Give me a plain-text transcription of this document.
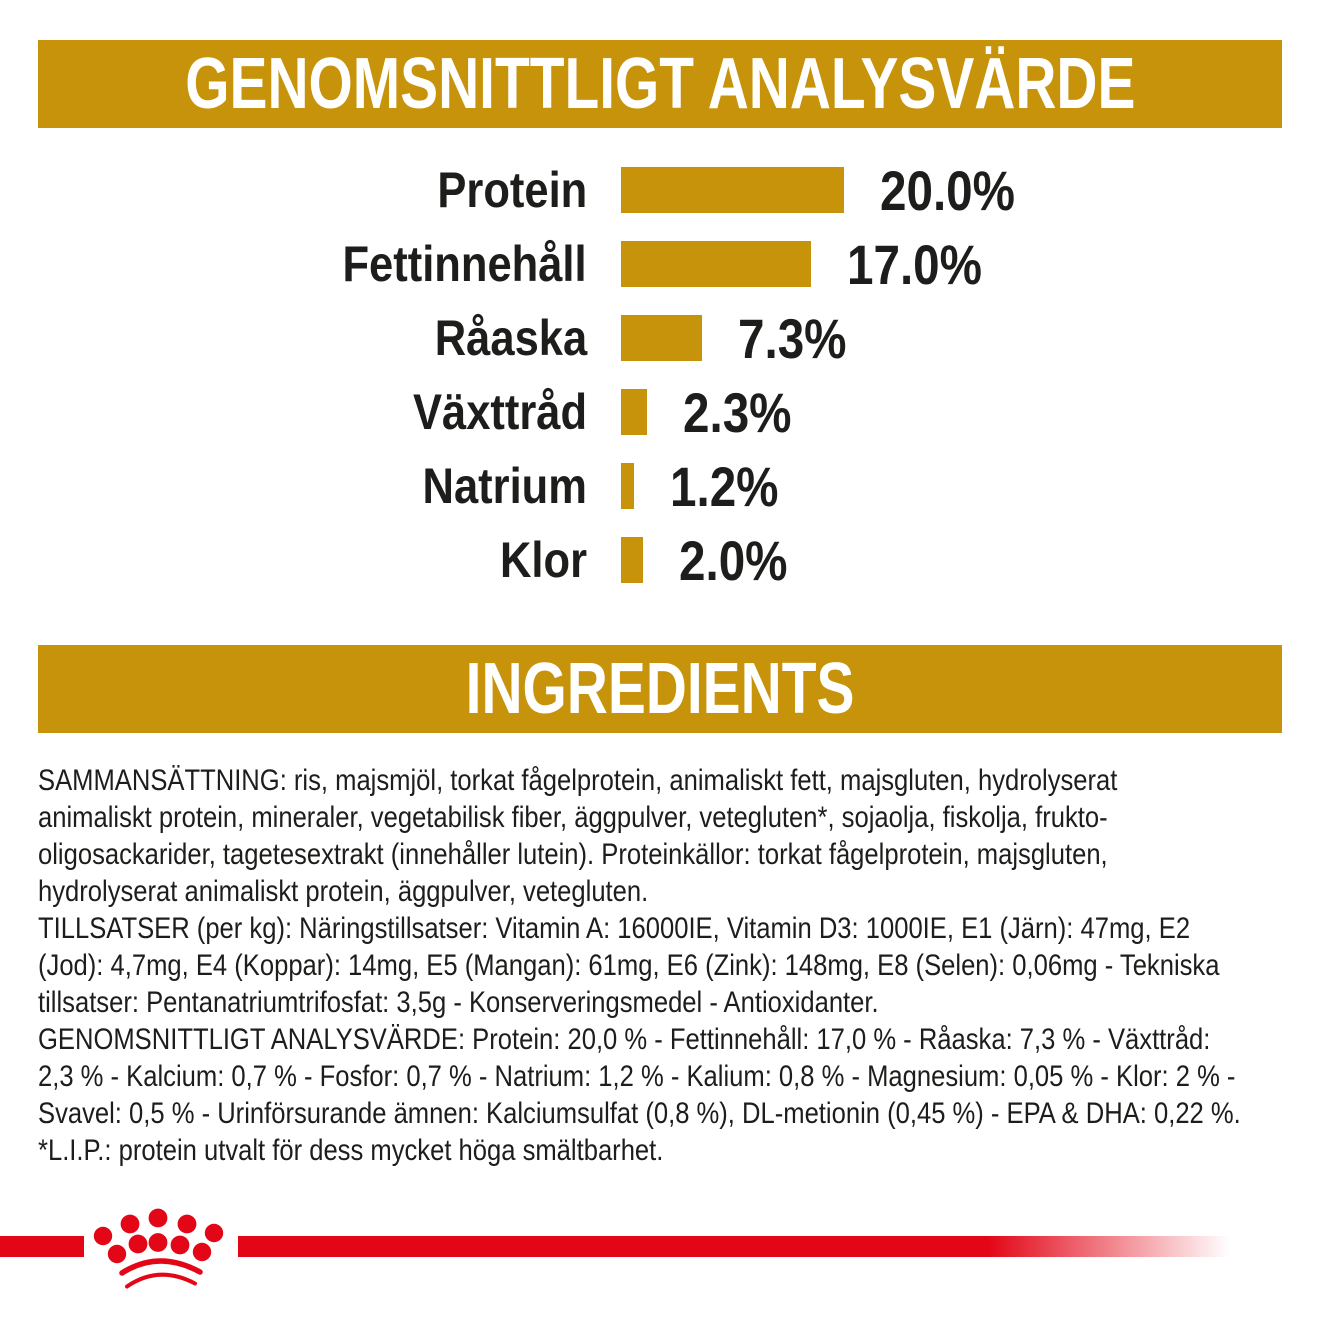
GENOMSNITTLIGT ANALYSVÄRDE
Protein	20.0%
Fettinnehåll	17.0%
Råaska	7.3%
Växttråd 2.3%
Natrium 1.2%
Klor 2.0%
INGREDIENTS
SAMMANSÄTTNING: ris, majsmjöl, torkat fågelprotein, animaliskt fett, majsgluten, hydrolyserat
animaliskt protein, mineraler, vegetabilisk fiber, äggpulver, vetegluten*, sojaolja, fiskolja, frukto-
oligosackarider, tagetesextrakt (innehåller lutein). Proteinkällor: torkat fågelprotein, majsgluten,
hydrolyserat animaliskt protein, äggpulver, vetegluten.
TILLSATSER (per kg): Näringstillsatser: Vitamin A: 16000IE, Vitamin D3: 1000IE, E1 (Järn): 47mg, E2
(Jod): 4,7mg, E4 (Koppar): 14mg, E5 (Mangan): 61mg, E6 (Zink): 148mg, E8 (Selen): 0,06mg - Tekniska
tillsatser: Pentanatriumtrifosfat: 3,5g - Konserveringsmedel - Antioxidanter.
GENOMSNITTLIGT ANALYSVÄRDE: Protein: 20,0 % - Fettinnehåll: 17,0 % - Råaska: 7,3 % - Växttråd:
2,3 % - Kalcium: 0,7 % - Fosfor: 0,7 % - Natrium: 1,2 % - Kalium: 0,8 % - Magnesium: 0,05 % - Klor: 2 % -
Svavel: 0,5 % - Urinförsurande ämnen: Kalciumsulfat (0,8 %), DL-metionin (0,45 %) - EPA & DHA: 0,22 %.
*L.I.P.: protein utvalt för dess mycket höga smältbarhet.
